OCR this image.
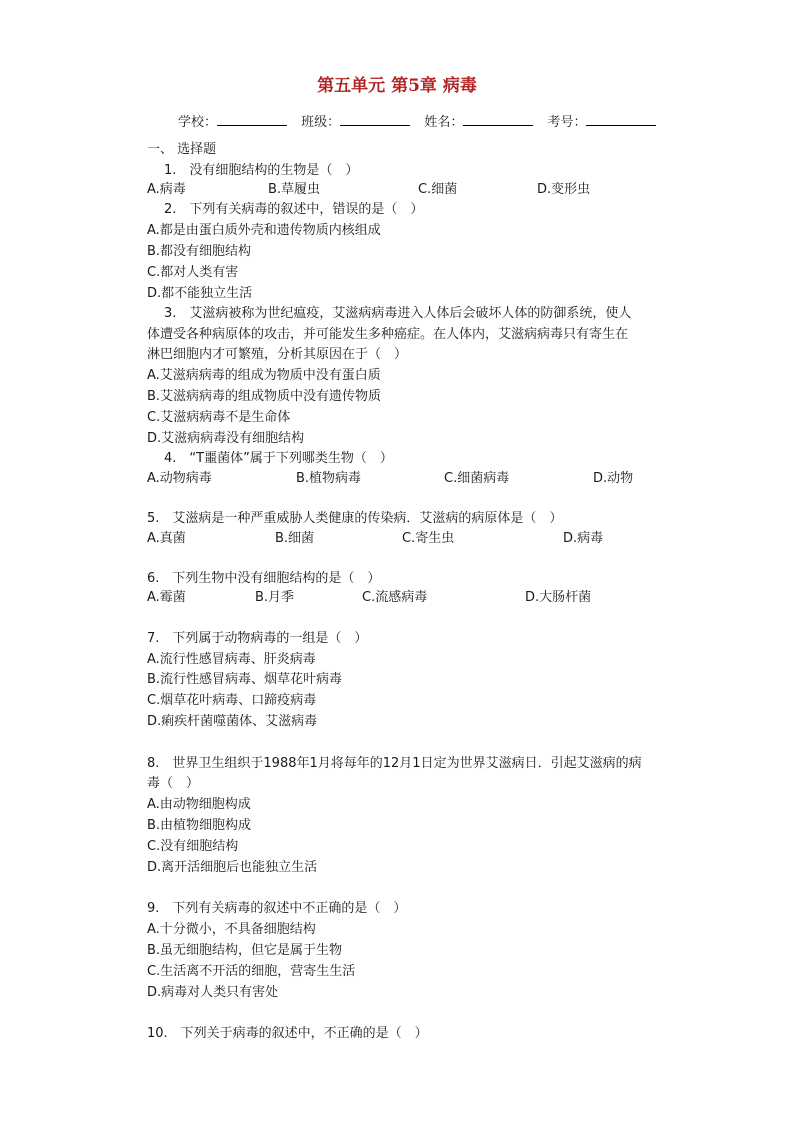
第五单元 第5章 病毒
学校：	班级：	姓名：	考号：
一、 选择题
1.　没有细胞结构的生物是（　）
A.病毒	B.草履虫	C.细菌	D.变形虫
2.　下列有关病毒的叙述中，错误的是（　）
A.都是由蛋白质外壳和遗传物质内核组成
B.都没有细胞结构
C.都对人类有害
D.都不能独立生活
3.　艾滋病被称为世纪瘟疫，艾滋病病毒进入人体后会破坏人体的防御系统，使人
体遭受各种病原体的攻击，并可能发生多种癌症。在人体内，艾滋病病毒只有寄生在
淋巴细胞内才可繁殖，分析其原因在于（　）
A.艾滋病病毒的组成为物质中没有蛋白质
B.艾滋病病毒的组成物质中没有遗传物质
C.艾滋病病毒不是生命体
D.艾滋病病毒没有细胞结构
4.　“T噩菌体”属于下列哪类生物（　）
A.动物病毒	B.植物病毒	C.细菌病毒	D.动物
5.　艾滋病是一种严重威胁人类健康的传染病．艾滋病的病原体是（　）
A.真菌	B.细菌	C.寄生虫	D.病毒
6.　下列生物中没有细胞结构的是（　）
A.霉菌	B.月季	C.流感病毒	D.大肠杆菌
7.　下列属于动物病毒的一组是（　）
A.流行性感冒病毒、肝炎病毒
B.流行性感冒病毒、烟草花叶病毒
C.烟草花叶病毒、口蹄疫病毒
D.痢疾杆菌噬菌体、艾滋病毒
8.　世界卫生组织于1988年1月将每年的12月1日定为世界艾滋病日．引起艾滋病的病
毒（　）
A.由动物细胞构成
B.由植物细胞构成
C.没有细胞结构
D.离开活细胞后也能独立生活
9.　下列有关病毒的叙述中不正确的是（　）
A.十分微小，不具备细胞结构
B.虽无细胞结构，但它是属于生物
C.生活离不开活的细胞，营寄生生活
D.病毒对人类只有害处
10.　下列关于病毒的叙述中，不正确的是（　）
